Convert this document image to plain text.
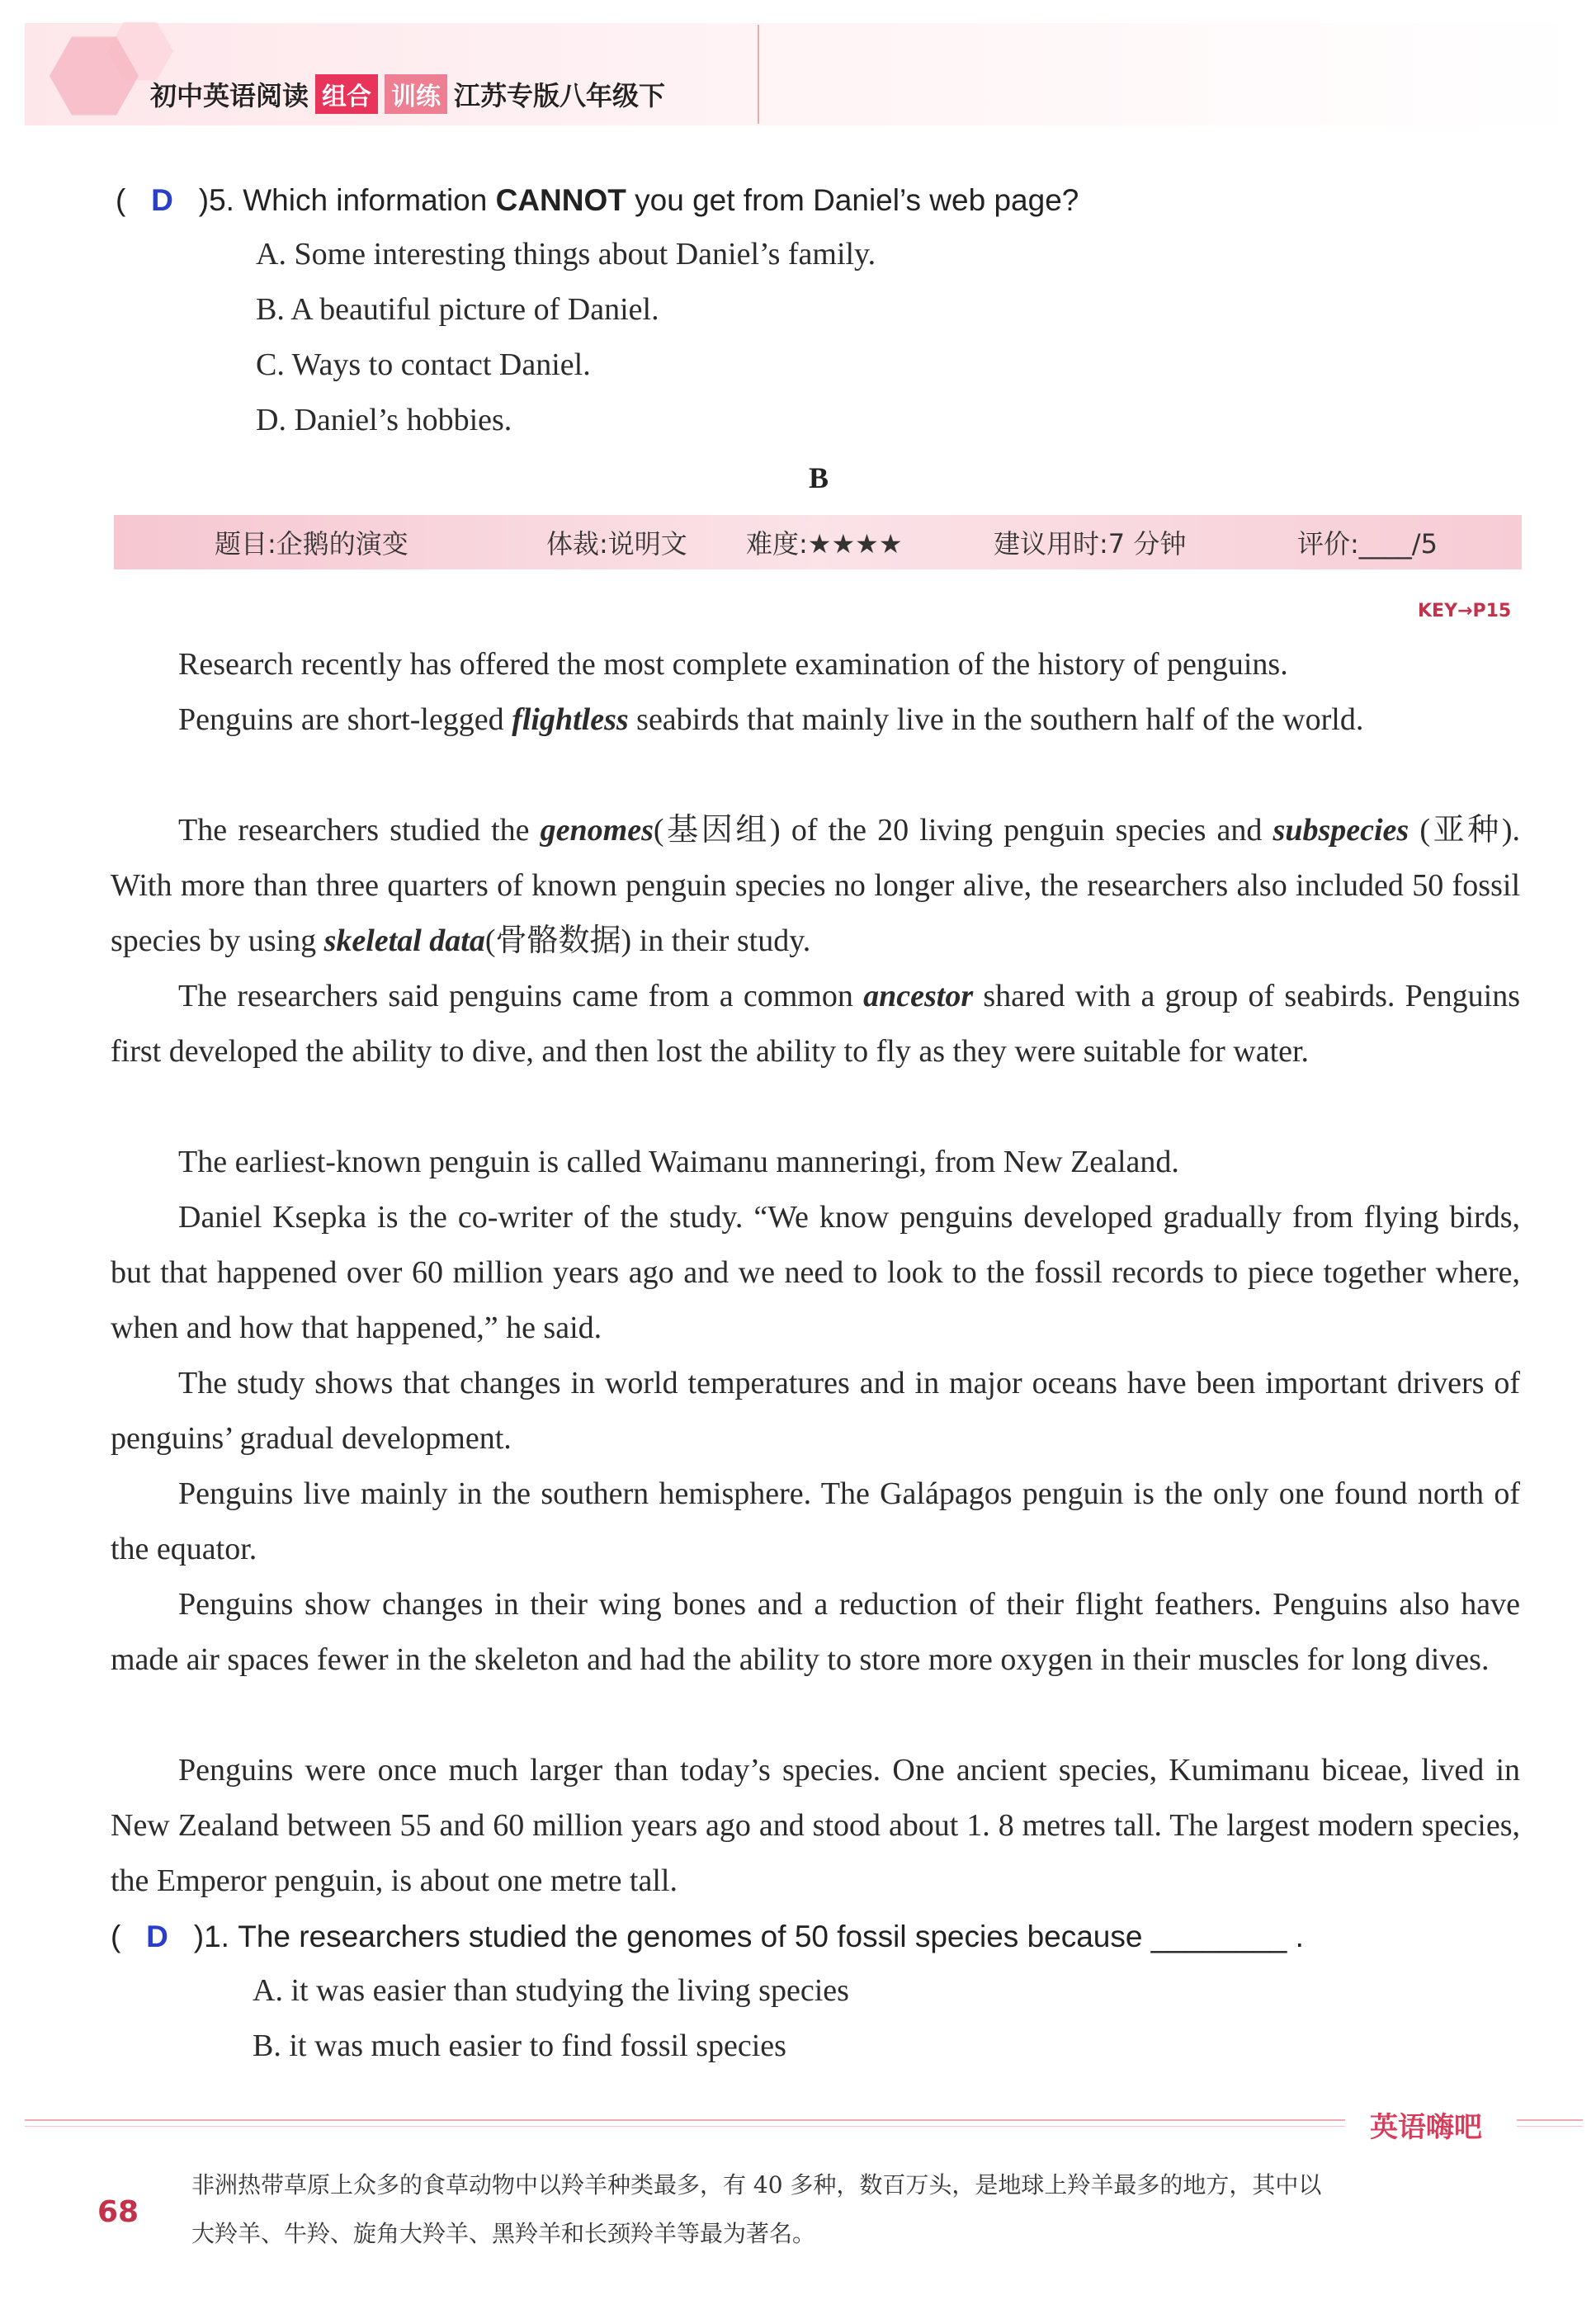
初中英语阅读 组合 训练 江苏专版八年级下
( D )5. Which information CANNOT you get from Daniel’s web page?
A. Some interesting things about Daniel’s family.
B. A beautiful picture of Daniel.
C. Ways to contact Daniel.
D. Daniel’s hobbies.
B
题目:企鹅的演变	体裁:说明文 难度:★★★★	建议用时:7 分钟	评价:____/5
KEY→P15
Research recently has offered the most complete examination of the history of penguins.
Penguins are short-legged flightless seabirds that mainly live in the southern half of the world.
The researchers studied the genomes(基因组) of the 20 living penguin species and subspecies (亚种). With more than three quarters of known penguin species no longer alive, the researchers also included 50 fossil species by using skeletal data(骨骼数据) in their study.
The researchers said penguins came from a common ancestor shared with a group of seabirds. Penguins first developed the ability to dive, and then lost the ability to fly as they were suitable for water.
The earliest-known penguin is called Waimanu manneringi, from New Zealand.
Daniel Ksepka is the co-writer of the study. “We know penguins developed gradually from flying birds, but that happened over 60 million years ago and we need to look to the fossil records to piece together where, when and how that happened,” he said.
The study shows that changes in world temperatures and in major oceans have been important drivers of penguins’ gradual development.
Penguins live mainly in the southern hemisphere. The Galápagos penguin is the only one found north of the equator.
Penguins show changes in their wing bones and a reduction of their flight feathers. Penguins also have made air spaces fewer in the skeleton and had the ability to store more oxygen in their muscles for long dives.
Penguins were once much larger than today’s species. One ancient species, Kumimanu biceae, lived in New Zealand between 55 and 60 million years ago and stood about 1. 8 metres tall. The largest modern species, the Emperor penguin, is about one metre tall.
( D )1. The researchers studied the genomes of 50 fossil species because ________ .
A. it was easier than studying the living species
B. it was much easier to find fossil species
英语嗨吧
68
非洲热带草原上众多的食草动物中以羚羊种类最多，有 40 多种，数百万头，是地球上羚羊最多的地方，其中以
大羚羊、牛羚、旋角大羚羊、黑羚羊和长颈羚羊等最为著名。
